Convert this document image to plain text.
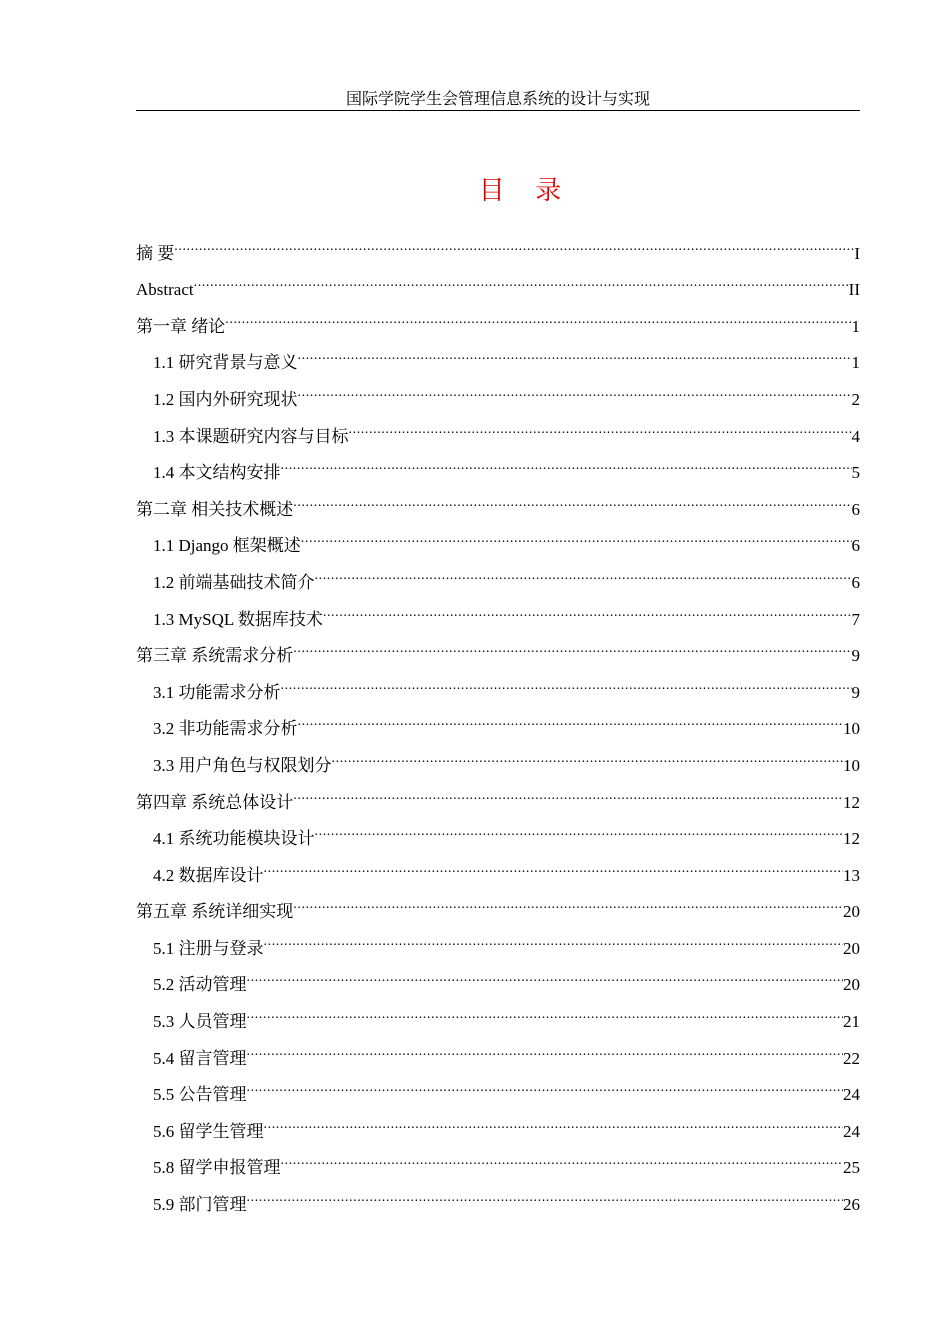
国际学院学生会管理信息系统的设计与实现
目 录
摘 要 .....	I
Abstract .....	II
第一章 绪论 .....	1
1.1 研究背景与意义 .....	1
1.2 国内外研究现状 .....	2
1.3 本课题研究内容与目标 .....	4
1.4 本文结构安排 .....	5
第二章 相关技术概述 .....	6
1.1 Django 框架概述 .....	6
1.2 前端基础技术简介 .....	6
1.3 MySQL 数据库技术 .....	7
第三章 系统需求分析 .....	9
3.1 功能需求分析 .....	9
3.2 非功能需求分析 .....	10
3.3 用户角色与权限划分 .....	10
第四章 系统总体设计 .....	12
4.1 系统功能模块设计 .....	12
4.2 数据库设计 .....	13
第五章 系统详细实现 .....	20
5.1 注册与登录 .....	20
5.2 活动管理 .....	20
5.3 人员管理 .....	21
5.4 留言管理 .....	22
5.5 公告管理 .....	24
5.6 留学生管理 .....	24
5.8 留学申报管理 .....	25
5.9 部门管理 .....	26
